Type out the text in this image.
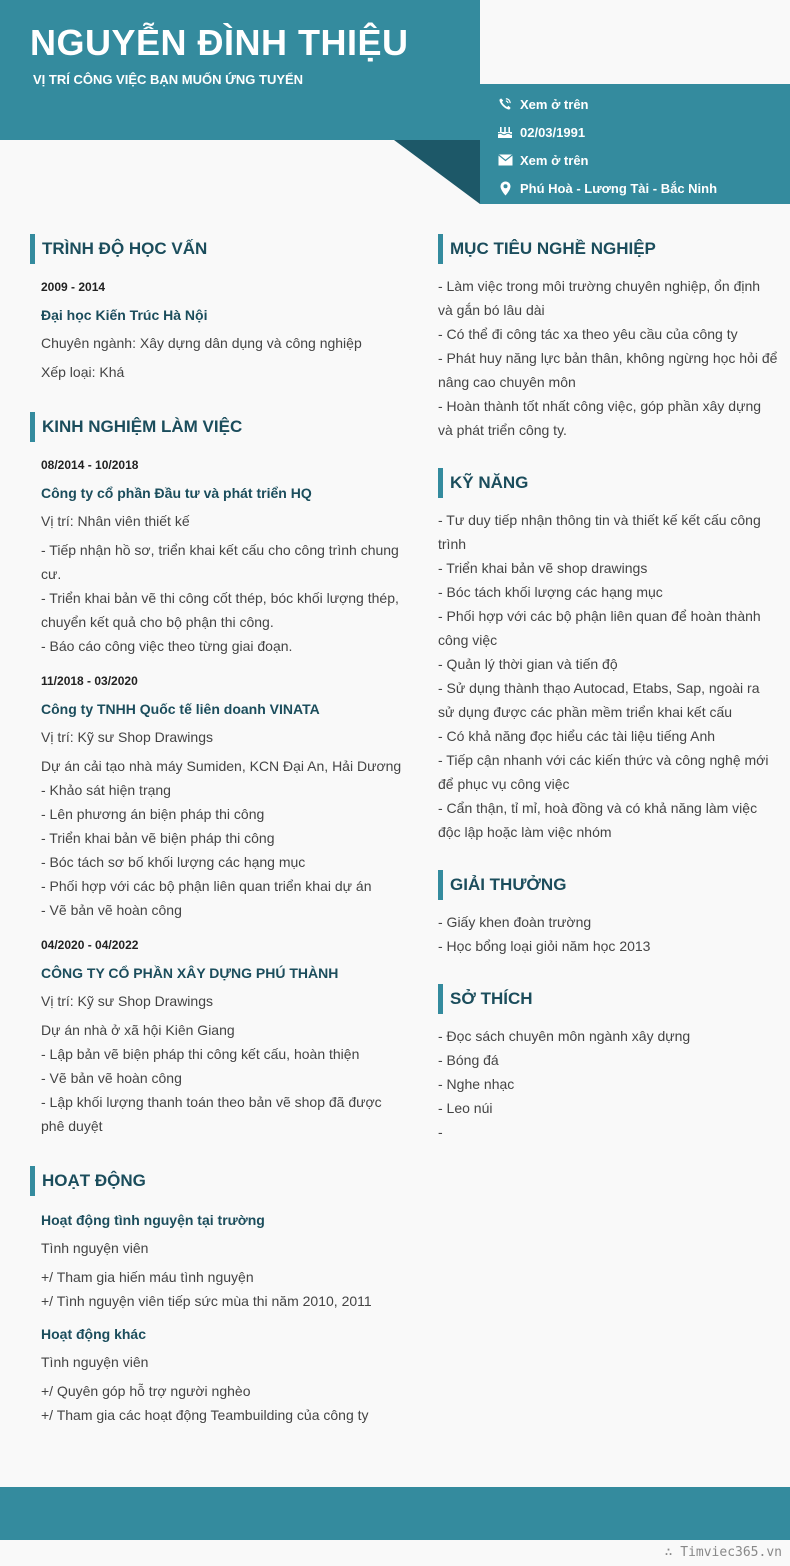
NGUYỄN ĐÌNH THIỆU
VỊ TRÍ CÔNG VIỆC BẠN MUỐN ỨNG TUYỂN
Xem ở trên
02/03/1991
Xem ở trên
Phú Hoà - Lương Tài - Bắc Ninh
TRÌNH ĐỘ HỌC VẤN
2009 - 2014
Đại học Kiến Trúc Hà Nội
Chuyên ngành: Xây dựng dân dụng và công nghiệp
Xếp loại: Khá
KINH NGHIỆM LÀM VIỆC
08/2014 - 10/2018
Công ty cổ phần Đầu tư và phát triển HQ
Vị trí: Nhân viên thiết kế
- Tiếp nhận hồ sơ, triển khai kết cấu cho công trình chung cư.
- Triển khai bản vẽ thi công cốt thép, bóc khối lượng thép, chuyển kết quả cho bộ phận thi công.
- Báo cáo công việc theo từng giai đoạn.
11/2018 - 03/2020
Công ty TNHH Quốc tế liên doanh VINATA
Vị trí: Kỹ sư Shop Drawings
Dự án cải tạo nhà máy Sumiden, KCN Đại An, Hải Dương
- Khảo sát hiện trạng
- Lên phương án biện pháp thi công
- Triển khai bản vẽ biện pháp thi công
- Bóc tách sơ bố khối lượng các hạng mục
- Phối hợp với các bộ phận liên quan triển khai dự án
- Vẽ bản vẽ hoàn công
04/2020 - 04/2022
CÔNG TY CỔ PHẦN XÂY DỰNG PHÚ THÀNH
Vị trí: Kỹ sư Shop Drawings
Dự án nhà ở xã hội Kiên Giang
- Lập bản vẽ biện pháp thi công kết cấu, hoàn thiện
- Vẽ bản vẽ hoàn công
- Lập khối lượng thanh toán theo bản vẽ shop đã được phê duyệt
HOẠT ĐỘNG
Hoạt động tình nguyện tại trường
Tình nguyện viên
+/ Tham gia hiến máu tình nguyện
+/ Tình nguyện viên tiếp sức mùa thi năm 2010, 2011
Hoạt động khác
Tình nguyện viên
+/ Quyên góp hỗ trợ người nghèo
+/ Tham gia các hoạt động Teambuilding của công ty
MỤC TIÊU NGHỀ NGHIỆP
- Làm việc trong môi trường chuyên nghiệp, ổn định và gắn bó lâu dài
- Có thể đi công tác xa theo yêu cầu của công ty
- Phát huy năng lực bản thân, không ngừng học hỏi để nâng cao chuyên môn
- Hoàn thành tốt nhất công việc, góp phần xây dựng và phát triển công ty.
KỸ NĂNG
- Tư duy tiếp nhận thông tin và thiết kế kết cấu công trình
- Triển khai bản vẽ shop drawings
- Bóc tách khối lượng các hạng mục
- Phối hợp với các bộ phận liên quan để hoàn thành công việc
- Quản lý thời gian và tiến độ
- Sử dụng thành thạo Autocad, Etabs, Sap, ngoài ra sử dụng được các phần mềm triển khai kết cấu
- Có khả năng đọc hiểu các tài liệu tiếng Anh
- Tiếp cận nhanh với các kiến thức và công nghệ mới để phục vụ công việc
- Cẩn thận, tỉ mỉ, hoà đồng và có khả năng làm việc độc lập hoặc làm việc nhóm
GIẢI THƯỞNG
- Giấy khen đoàn trường
- Học bổng loại giỏi năm học 2013
SỞ THÍCH
- Đọc sách chuyên môn ngành xây dựng
- Bóng đá
- Nghe nhạc
- Leo núi
-
∴ Timviec365.vn
